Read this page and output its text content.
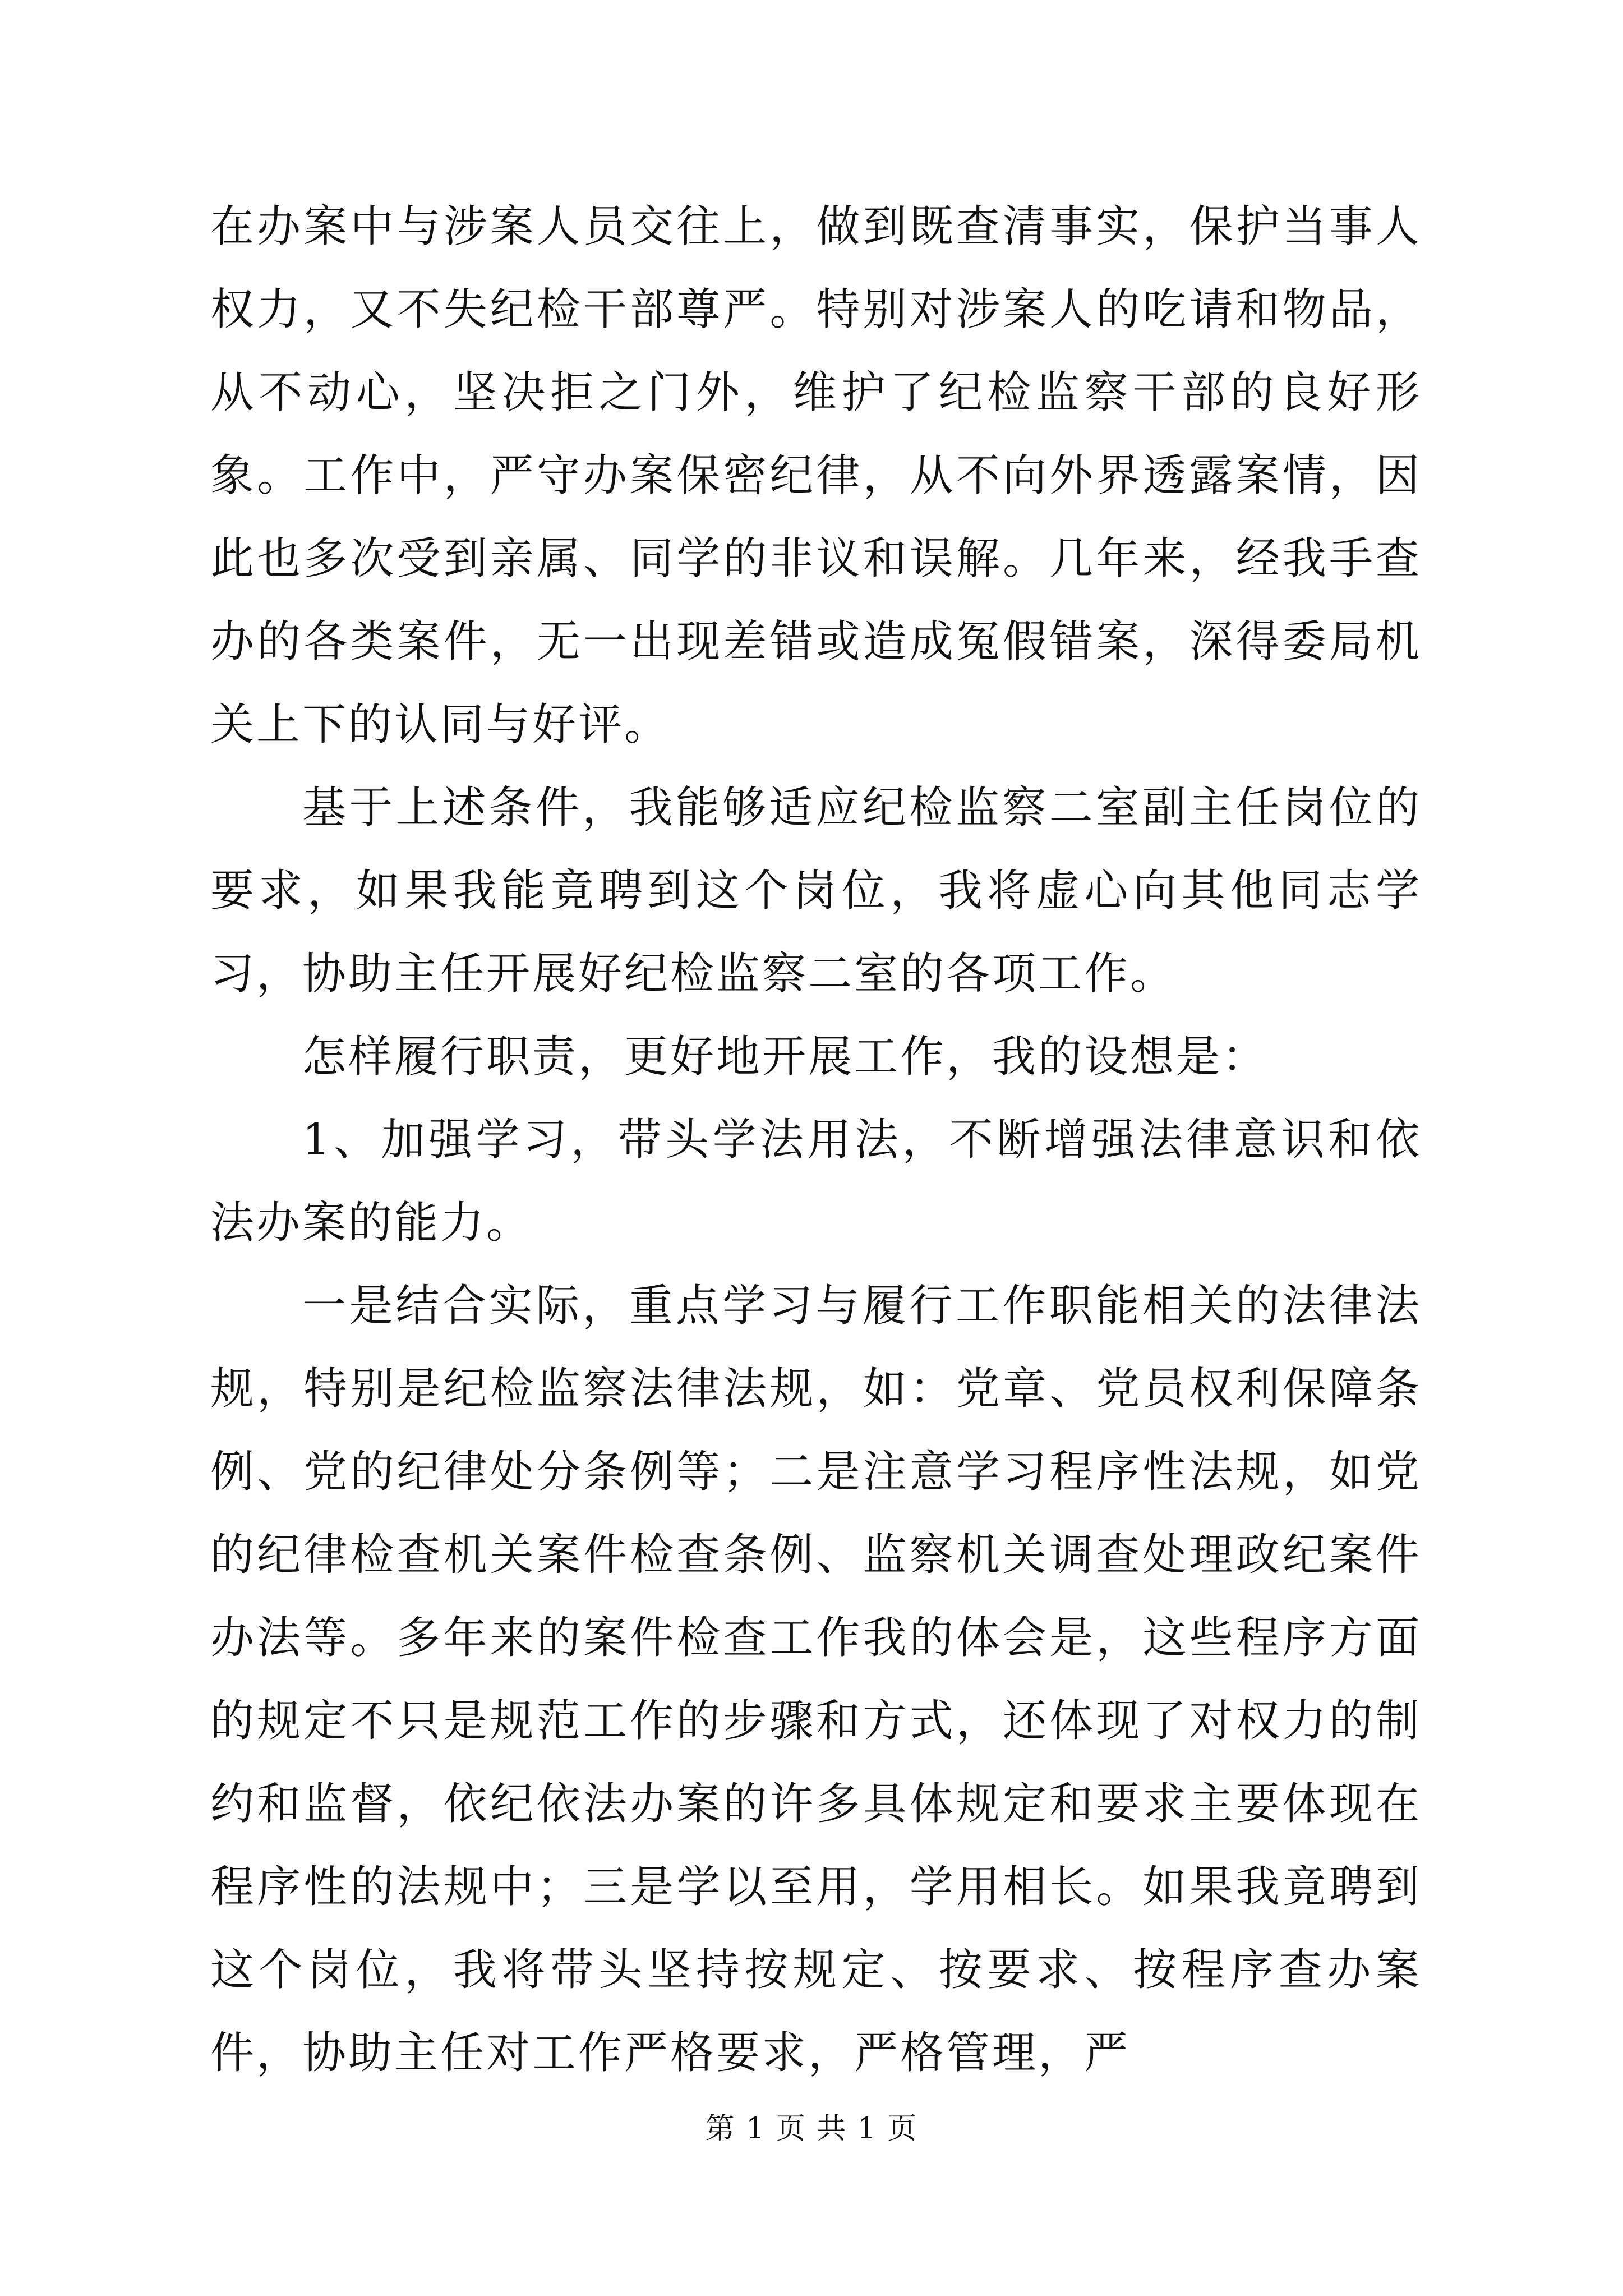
在办案中与涉案人员交往上，做到既查清事实，保护当事人权力，又不失纪检干部尊严。特别对涉案人的吃请和物品，从不动心，坚决拒之门外，维护了纪检监察干部的良好形象。工作中，严守办案保密纪律，从不向外界透露案情，因此也多次受到亲属、同学的非议和误解。几年来，经我手查办的各类案件，无一出现差错或造成冤假错案，深得委局机关上下的认同与好评。

基于上述条件，我能够适应纪检监察二室副主任岗位的要求，如果我能竟聘到这个岗位，我将虚心向其他同志学习，协助主任开展好纪检监察二室的各项工作。

怎样履行职责，更好地开展工作，我的设想是：

1、加强学习，带头学法用法，不断增强法律意识和依法办案的能力。

一是结合实际，重点学习与履行工作职能相关的法律法规，特别是纪检监察法律法规，如：党章、党员权利保障条例、党的纪律处分条例等；二是注意学习程序性法规，如党的纪律检查机关案件检查条例、监察机关调查处理政纪案件办法等。多年来的案件检查工作我的体会是，这些程序方面的规定不只是规范工作的步骤和方式，还体现了对权力的制约和监督，依纪依法办案的许多具体规定和要求主要体现在程序性的法规中；三是学以至用，学用相长。如果我竟聘到这个岗位，我将带头坚持按规定、按要求、按程序查办案件，协助主任对工作严格要求，严格管理，严

第 1 页 共 1 页
